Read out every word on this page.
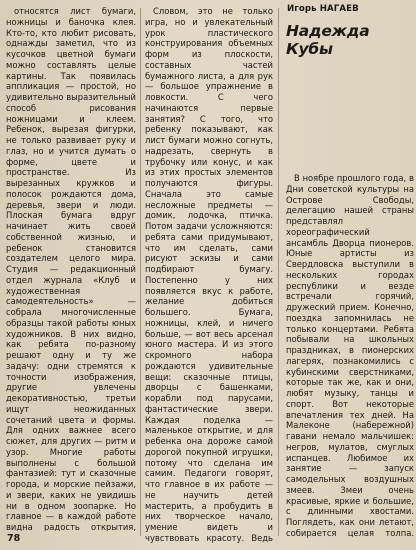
относятся лист бумаги, ножницы и баночка клея. Кто-то, кто любит рисовать, однажды заметил, что из кусочков цветной бумаги можно составлять целые картины. Так появилась аппликация — простой, но удивительно выразительный способ рисования ножницами и клеем. Ребенок, вырезая фигурки, не только развивает руку и глаз, но и учится думать о форме, цвете и пространстве. Из вырезанных кружков и полосок рождаются дома, деревья, звери и люди. Плоская бумага вдруг начинает жить своей собственной жизнью, и ребенок становится создателем целого мира. Студия — редакционный отдел журнала «Клуб и художественная самодеятельность» — собрала многочисленные образцы такой работы юных художников. В них видно, как ребята по-разному решают одну и ту же задачу: одни стремятся к точности изображения, другие увлечены декоративностью, третьи ищут неожиданных сочетаний цвета и формы. Для одних важнее всего сюжет, для других — ритм и узор. Многие работы выполнены с большой фантазией: тут и сказочные города, и морские пейзажи, и звери, каких не увидишь ни в одном зоопарке. Но главное — в каждой работе видна радость открытия,

Словом, это не только игра, но и увлекательный урок пластического конструирования объемных форм из плоскости, составных частей бумажного листа, а для рук — большое упражнение в ловкости. С чего начинаются первые занятия? С того, что ребенку показывают, как лист бумаги можно согнуть, надрезать, свернуть в трубочку или конус, и как из этих простых элементов получаются фигуры. Сначала это самые несложные предметы — домик, лодочка, птичка. Потом задачи усложняются: ребята сами придумывают, что им сделать, сами рисуют эскизы и сами подбирают бумагу. Постепенно у них появляется вкус к работе, желание добиться большего. Бумага, ножницы, клей, и ничего больше, — вот весь арсенал юного мастера. И из этого скромного набора рождаются удивительные вещи: сказочные птицы, дворцы с башенками, корабли под парусами, фантастические звери. Каждая поделка — маленькое открытие, и для ребенка она дороже самой дорогой покупной игрушки, потому что сделана им самим. Педагоги говорят, что главное в их работе — не научить детей мастерить, а пробудить в них творческое начало, умение видеть и чувствовать красоту. Ведь

Игорь НАГАЕВ
Надежда Кубы

В ноябре прошлого года, в Дни советской культуры на Острове Свободы, делегацию нашей страны представлял хореографический ансамбль Дворца пионеров. Юные артисты из Свердловска выступили в нескольких городах республики и везде встречали горячий, дружеский прием. Конечно, поездка запомнилась не только концертами. Ребята побывали на школьных праздниках, в пионерских лагерях, познакомились с кубинскими сверстниками, которые так же, как и они, любят музыку, танцы и спорт. Вот некоторые впечатления тех дней. На Малеконе (набережной) гавани немало мальчишек: негров, мулатов, смуглых испанцев. Любимое их занятие — запуск самодельных воздушных змеев. Змеи очень красивые, яркие и большие, с длинными хвостами. Поглядеть, как они летают, собирается целая толпа.

78
